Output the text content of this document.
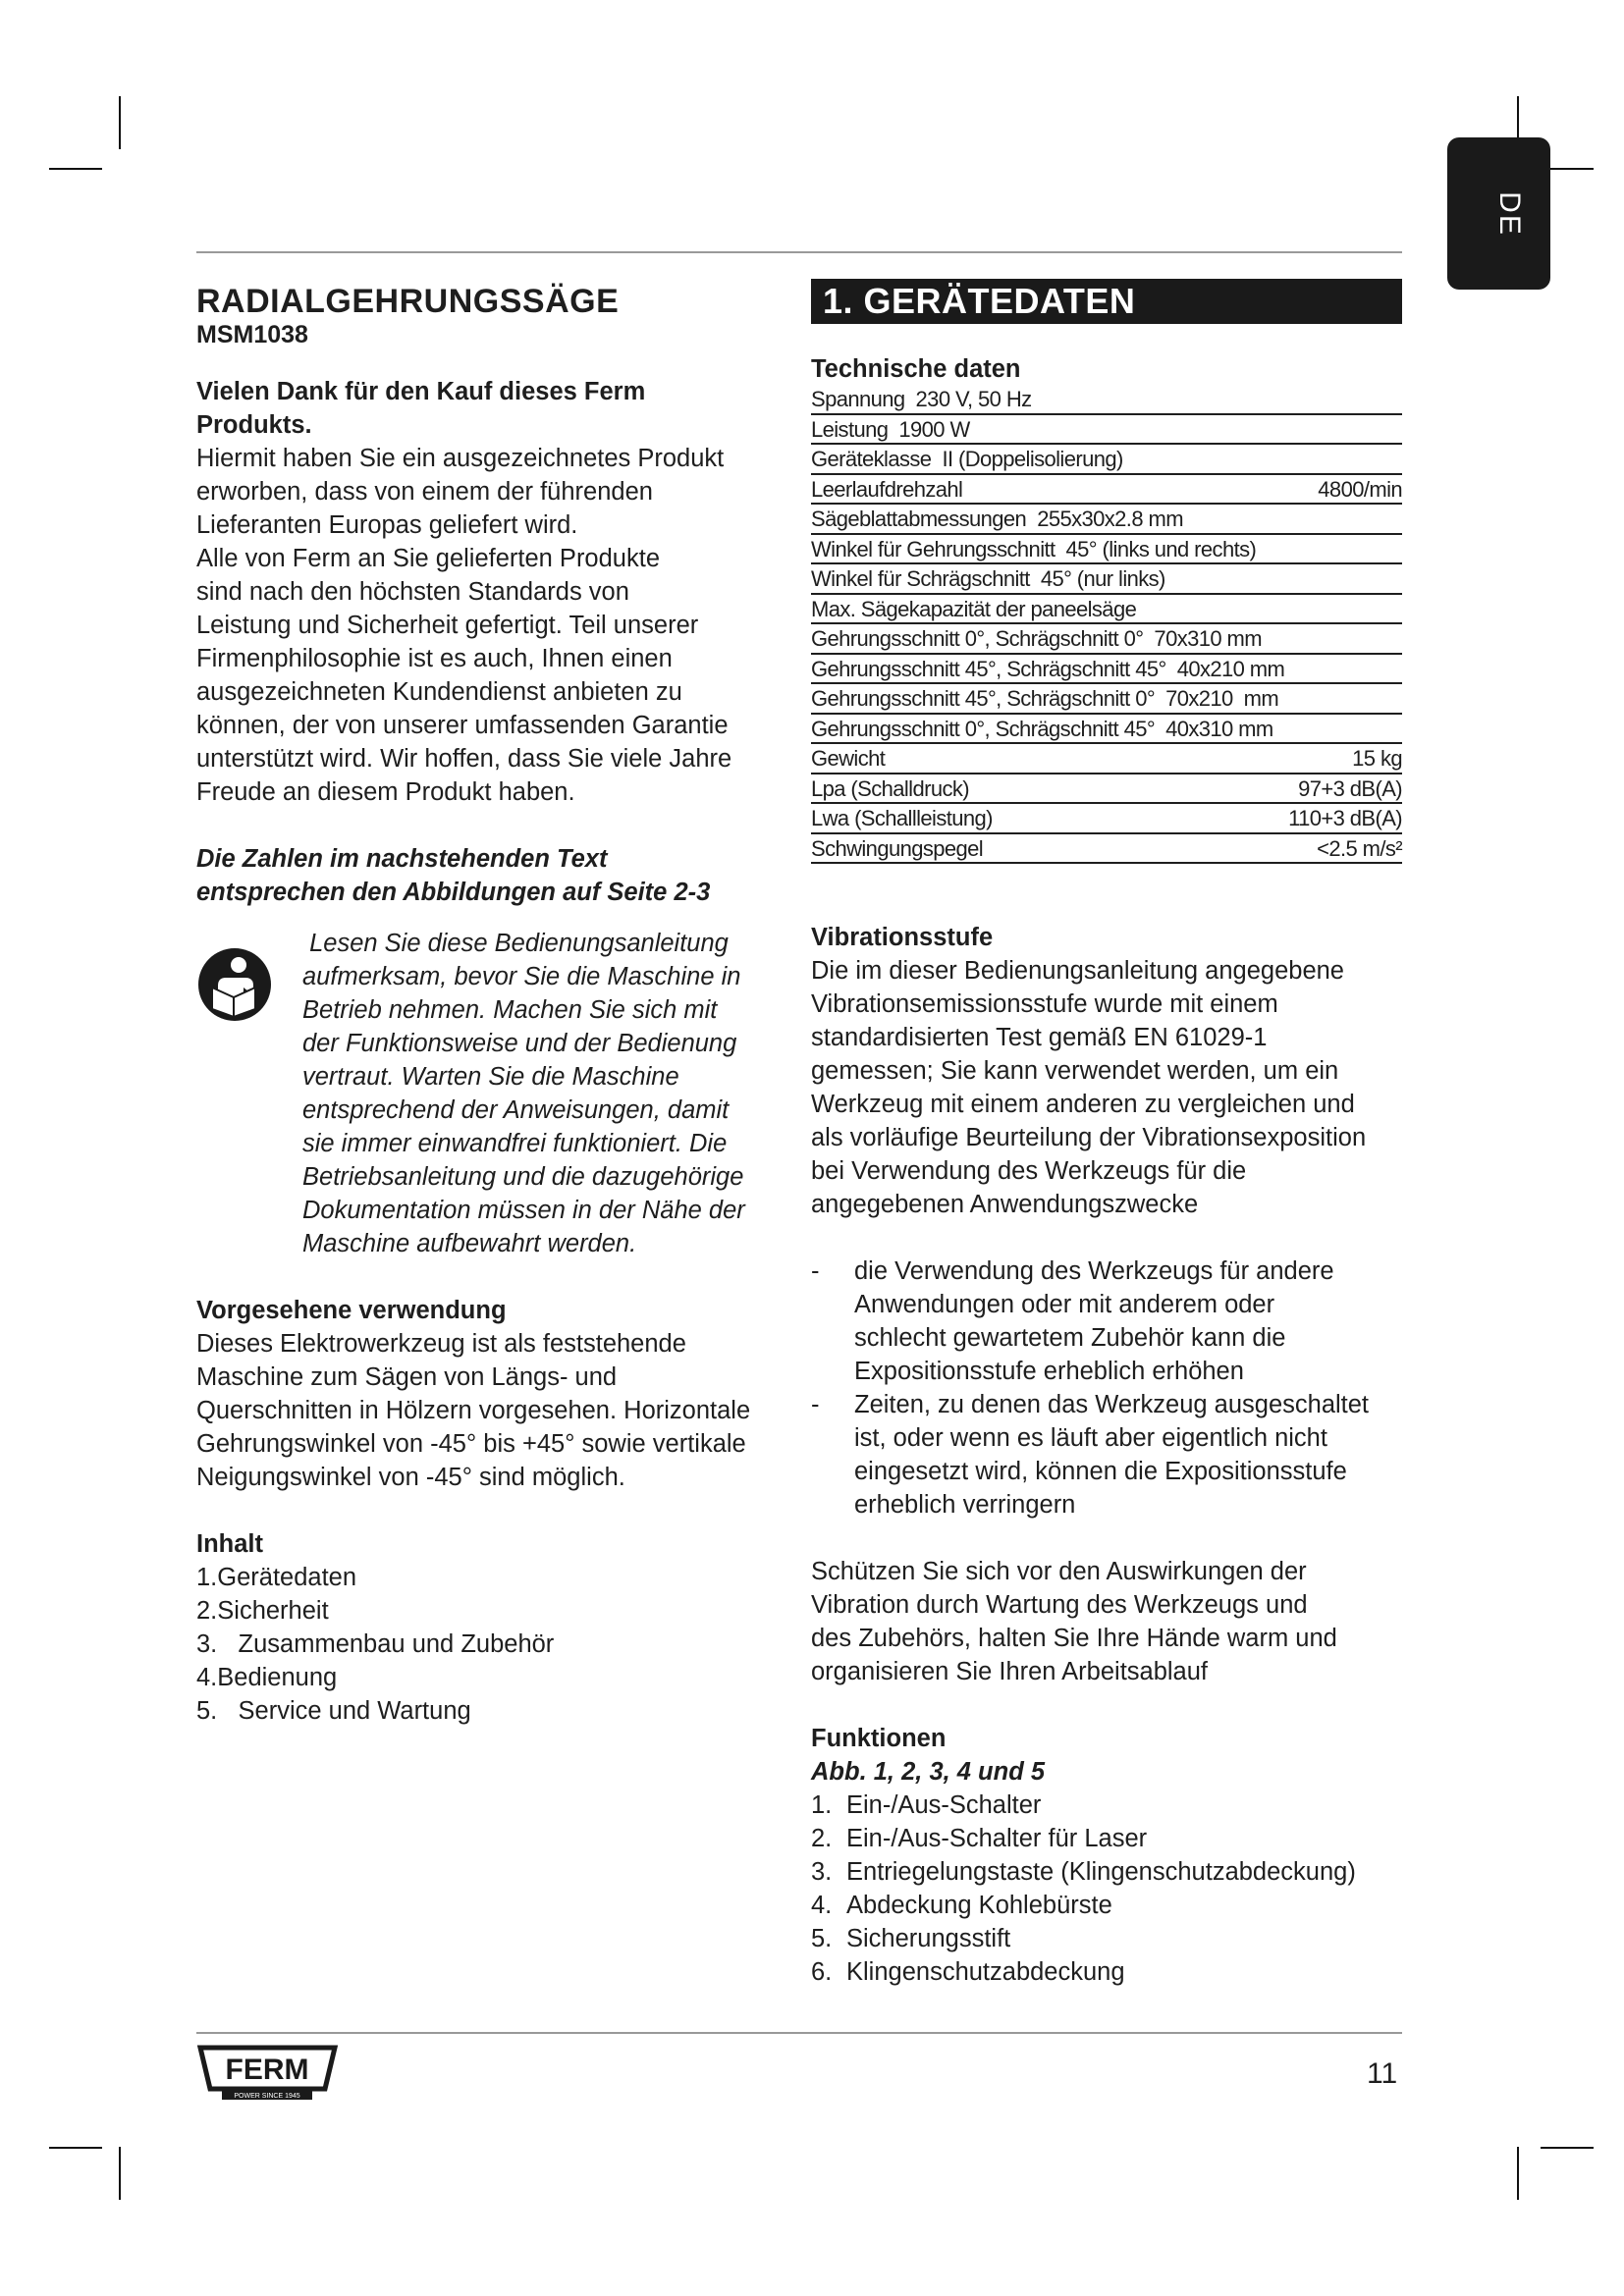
DE
RADIALGEHRUNGSSÄGE
MSM1038
Vielen Dank für den Kauf dieses Ferm
Produkts.
Hiermit haben Sie ein ausgezeichnetes Produkt
erworben, dass von einem der führenden
Lieferanten Europas geliefert wird.
Alle von Ferm an Sie gelieferten Produkte
sind nach den höchsten Standards von
Leistung und Sicherheit gefertigt. Teil unserer
Firmenphilosophie ist es auch, Ihnen einen
ausgezeichneten Kundendienst anbieten zu
können, der von unserer umfassenden Garantie
unterstützt wird. Wir hoffen, dass Sie viele Jahre
Freude an diesem Produkt haben.
Die Zahlen im nachstehenden Text
entsprechen den Abbildungen auf Seite 2-3
Lesen Sie diese Bedienungsanleitung
aufmerksam, bevor Sie die Maschine in
Betrieb nehmen. Machen Sie sich mit
der Funktionsweise und der Bedienung
vertraut. Warten Sie die Maschine
entsprechend der Anweisungen, damit
sie immer einwandfrei funktioniert. Die
Betriebsanleitung und die dazugehörige
Dokumentation müssen in der Nähe der
Maschine aufbewahrt werden.
Vorgesehene verwendung
Dieses Elektrowerkzeug ist als feststehende
Maschine zum Sägen von Längs- und
Querschnitten in Hölzern vorgesehen. Horizontale
Gehrungswinkel von -45° bis +45° sowie vertikale
Neigungswinkel von -45° sind möglich.
Inhalt
1.Gerätedaten
2.Sicherheit
3.   Zusammenbau und Zubehör
4.Bedienung
5.   Service und Wartung
1. GERÄTEDATEN
Technische daten
Spannung  230 V, 50 Hz
Leistung  1900 W
Geräteklasse  II (Doppelisolierung)
Leerlaufdrehzahl	4800/min
Sägeblattabmessungen  255x30x2.8 mm
Winkel für Gehrungsschnitt  45° (links und rechts)
Winkel für Schrägschnitt  45° (nur links)
Max. Sägekapazität der paneelsäge
Gehrungsschnitt 0°, Schrägschnitt 0°  70x310 mm
Gehrungsschnitt 45°, Schrägschnitt 45°  40x210 mm
Gehrungsschnitt 45°, Schrägschnitt 0°  70x210  mm
Gehrungsschnitt 0°, Schrägschnitt 45°  40x310 mm
Gewicht	15 kg
Lpa (Schalldruck)	97+3 dB(A)
Lwa (Schallleistung)	110+3 dB(A)
Schwingungspegel	<2.5 m/s²
Vibrationsstufe
Die im dieser Bedienungsanleitung angegebene
Vibrationsemissionsstufe wurde mit einem
standardisierten Test gemäß EN 61029-1
gemessen; Sie kann verwendet werden, um ein
Werkzeug mit einem anderen zu vergleichen und
als vorläufige Beurteilung der Vibrationsexposition
bei Verwendung des Werkzeugs für die
angegebenen Anwendungszwecke
-	die Verwendung des Werkzeugs für andere
Anwendungen oder mit anderem oder
schlecht gewartetem Zubehör kann die
Expositionsstufe erheblich erhöhen
-	Zeiten, zu denen das Werkzeug ausgeschaltet
ist, oder wenn es läuft aber eigentlich nicht
eingesetzt wird, können die Expositionsstufe
erheblich verringern
Schützen Sie sich vor den Auswirkungen der
Vibration durch Wartung des Werkzeugs und
des Zubehörs, halten Sie Ihre Hände warm und
organisieren Sie Ihren Arbeitsablauf
Funktionen
Abb. 1, 2, 3, 4 und 5
1. Ein-/Aus-Schalter
2. Ein-/Aus-Schalter für Laser
3. Entriegelungstaste (Klingenschutzabdeckung)
4. Abdeckung Kohlebürste
5. Sicherungsstift
6. Klingenschutzabdeckung
FERM
POWER SINCE 1945
11
